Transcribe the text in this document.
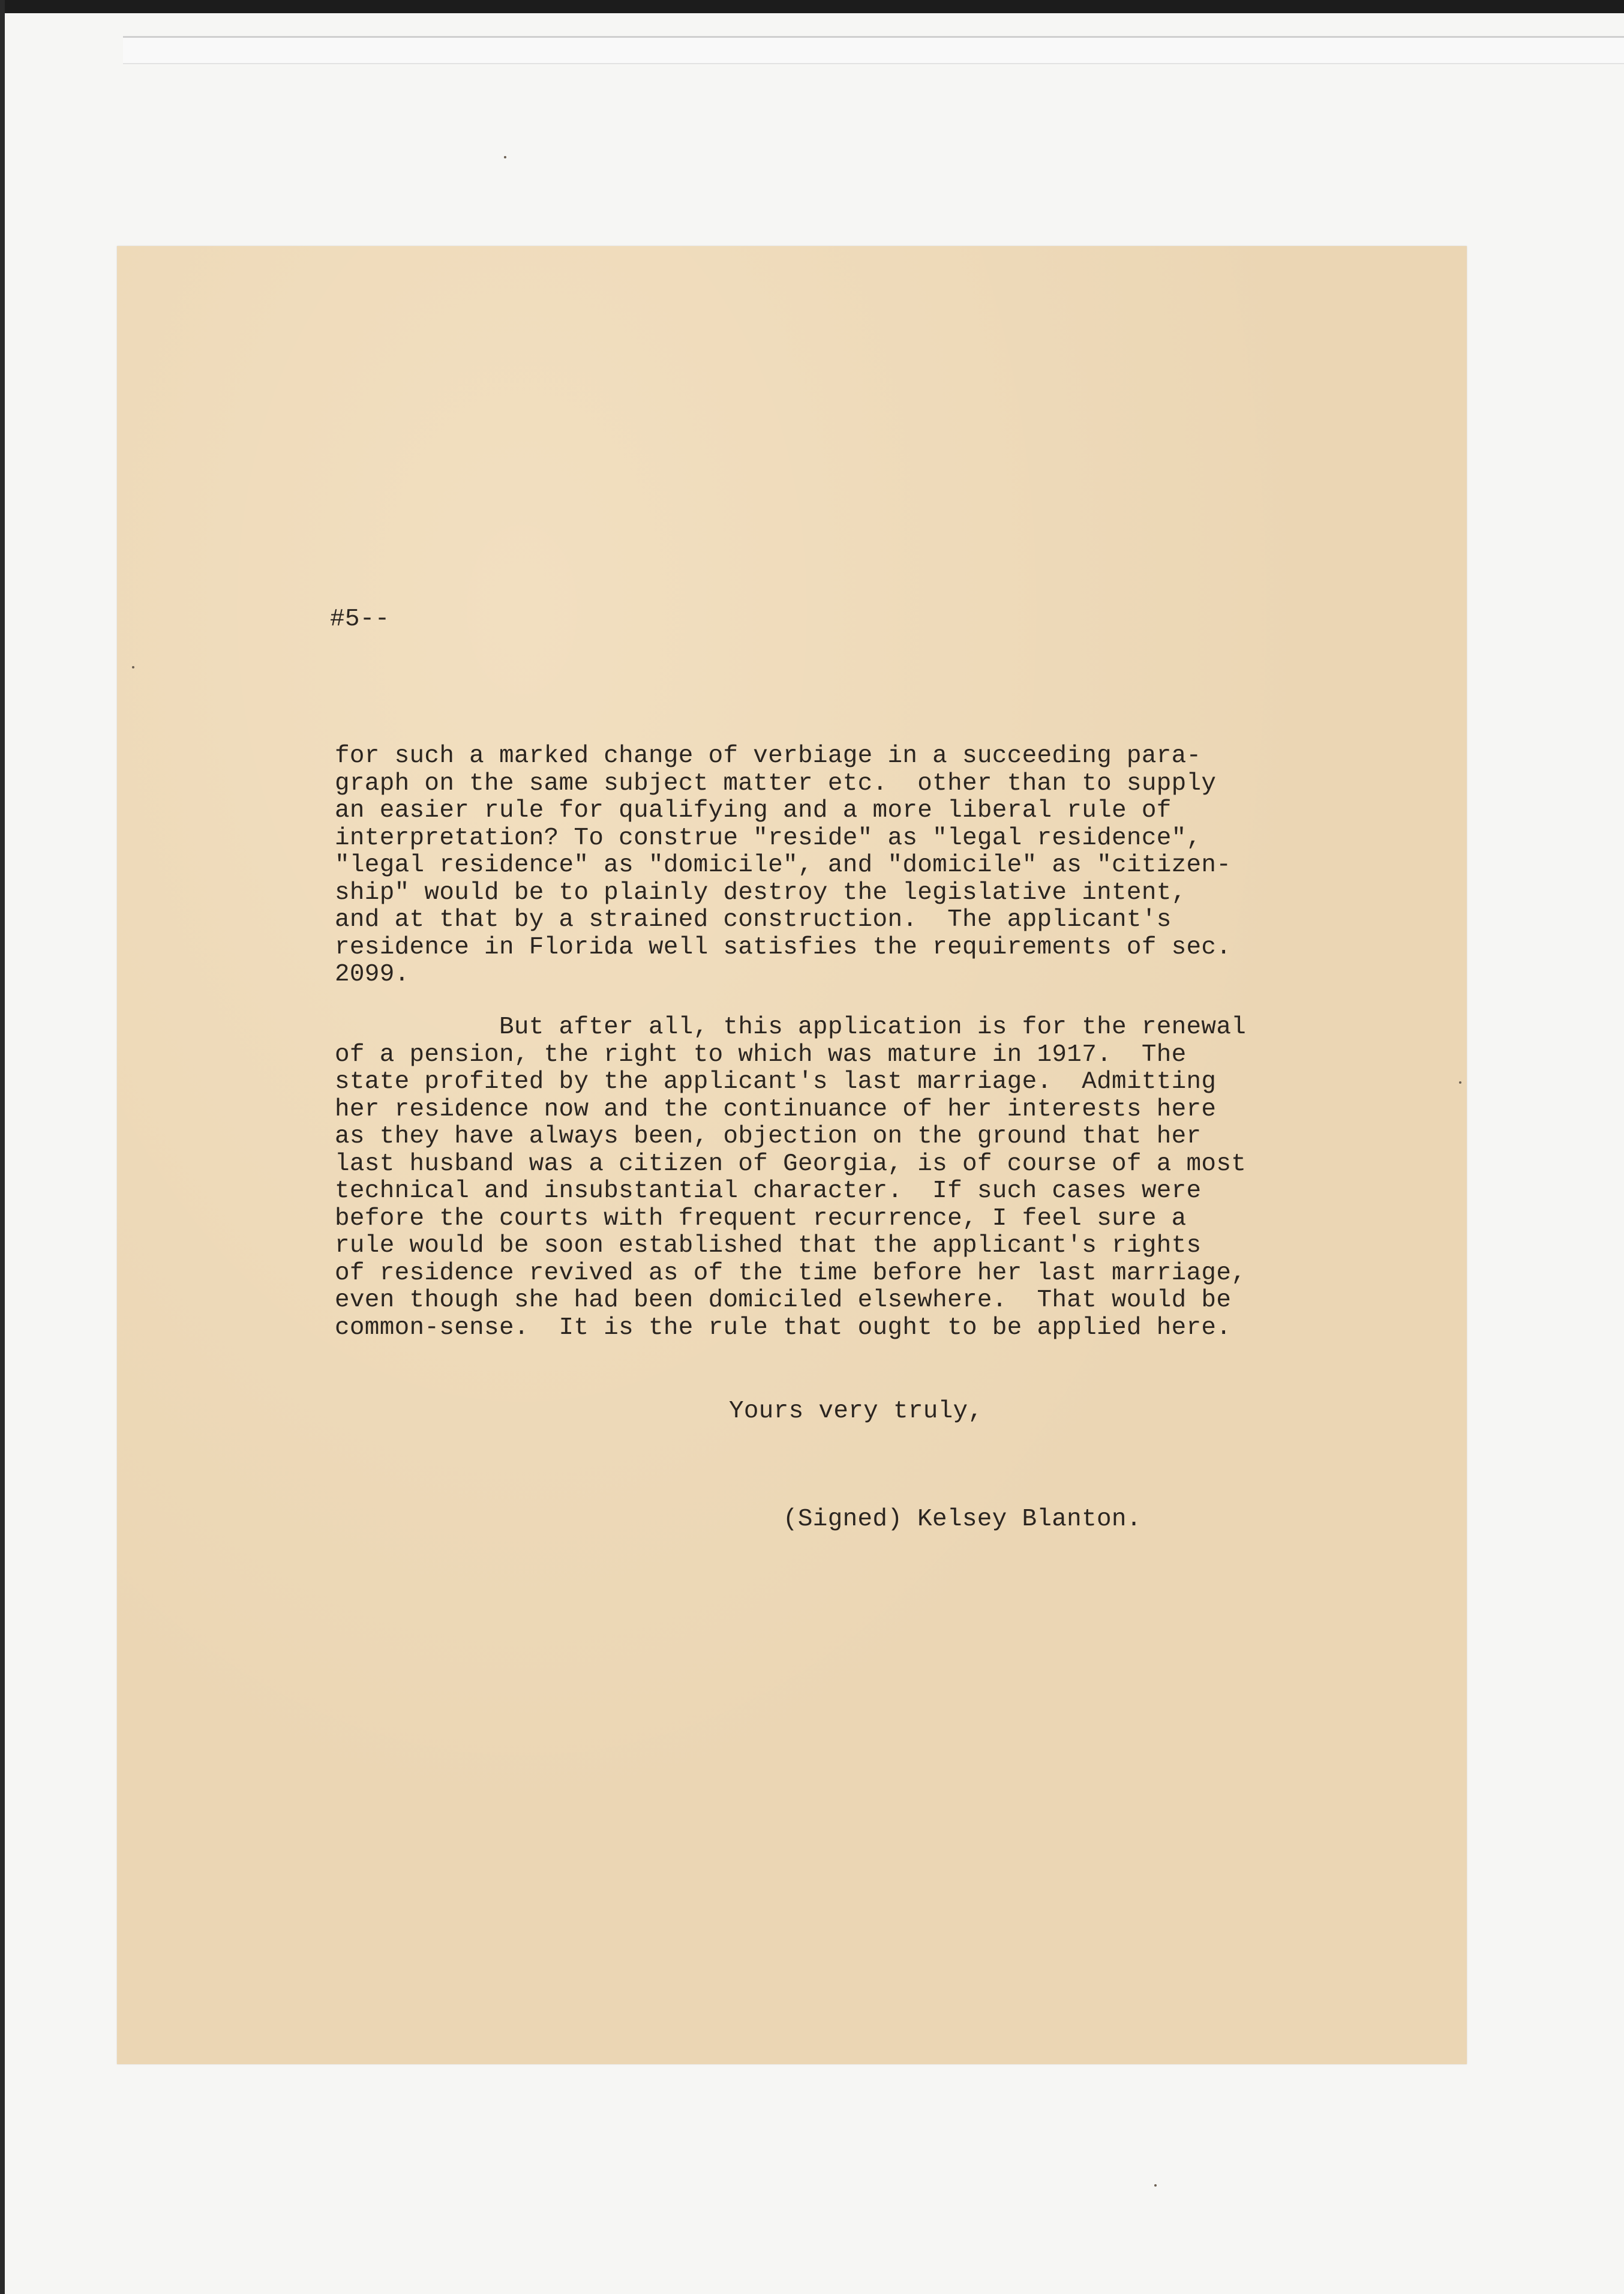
#5--
for such a marked change of verbiage in a succeeding para-
graph on the same subject matter etc.  other than to supply
an easier rule for qualifying and a more liberal rule of
interpretation? To construe "reside" as "legal residence",
"legal residence" as "domicile", and "domicile" as "citizen-
ship" would be to plainly destroy the legislative intent,
and at that by a strained construction.  The applicant's
residence in Florida well satisfies the requirements of sec.
2099.
But after all, this application is for the renewal
of a pension, the right to which was mature in 1917.  The
state profited by the applicant's last marriage.  Admitting
her residence now and the continuance of her interests here
as they have always been, objection on the ground that her
last husband was a citizen of Georgia, is of course of a most
technical and insubstantial character.  If such cases were
before the courts with frequent recurrence, I feel sure a
rule would be soon established that the applicant's rights
of residence revived as of the time before her last marriage,
even though she had been domiciled elsewhere.  That would be
common-sense.  It is the rule that ought to be applied here.
Yours very truly,
(Signed) Kelsey Blanton.
